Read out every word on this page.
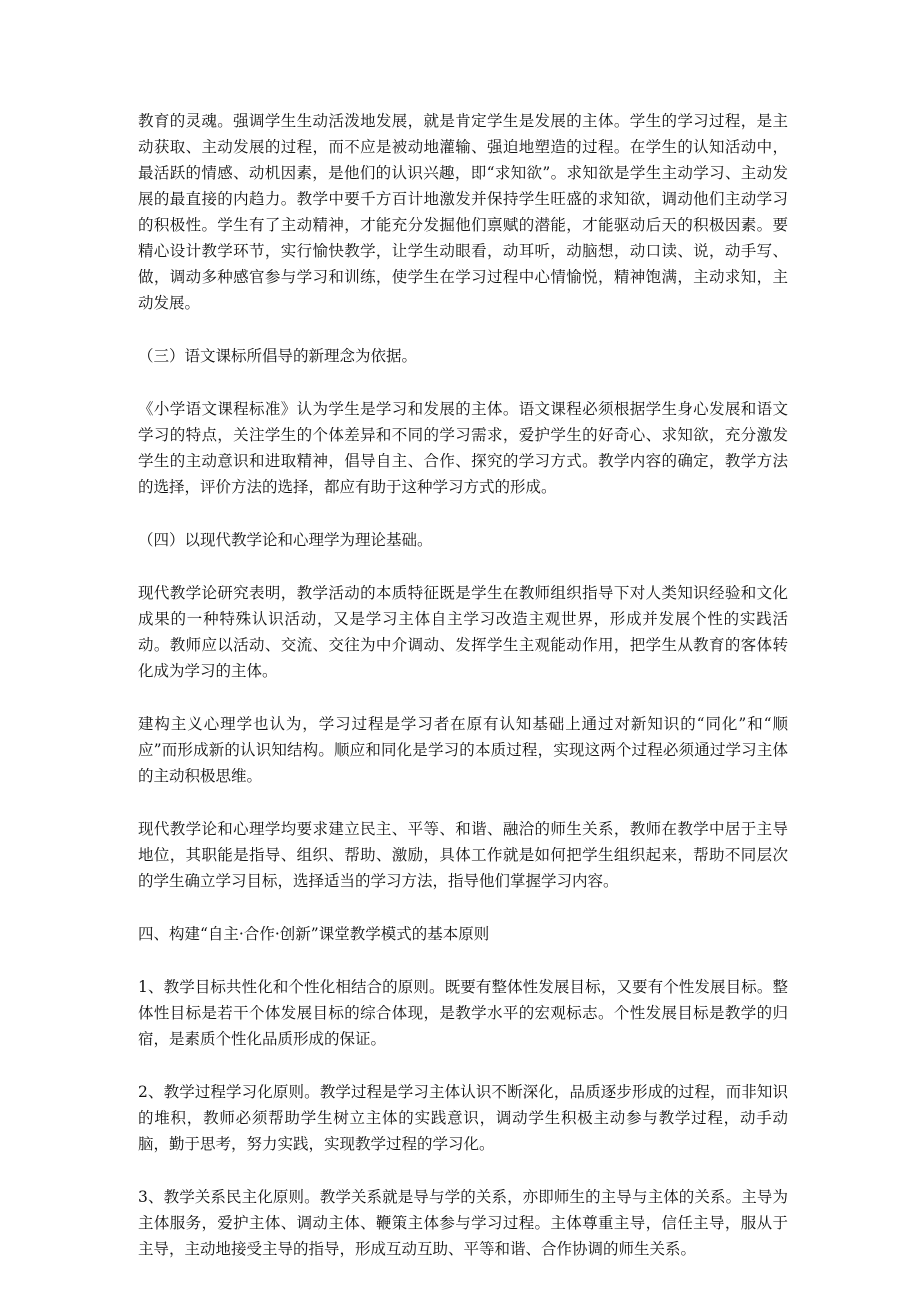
教育的灵魂。强调学生生动活泼地发展，就是肯定学生是发展的主体。学生的学习过程，是主动获取、主动发展的过程，而不应是被动地灌输、强迫地塑造的过程。在学生的认知活动中，最活跃的情感、动机因素，是他们的认识兴趣，即“求知欲”。求知欲是学生主动学习、主动发展的最直接的内趋力。教学中要千方百计地激发并保持学生旺盛的求知欲，调动他们主动学习的积极性。学生有了主动精神，才能充分发掘他们禀赋的潜能，才能驱动后天的积极因素。要精心设计教学环节，实行愉快教学，让学生动眼看，动耳听，动脑想，动口读、说，动手写、做，调动多种感官参与学习和训练，使学生在学习过程中心情愉悦，精神饱满，主动求知，主动发展。

（三）语文课标所倡导的新理念为依据。

《小学语文课程标准》认为学生是学习和发展的主体。语文课程必须根据学生身心发展和语文学习的特点，关注学生的个体差异和不同的学习需求，爱护学生的好奇心、求知欲，充分激发学生的主动意识和进取精神，倡导自主、合作、探究的学习方式。教学内容的确定，教学方法的选择，评价方法的选择，都应有助于这种学习方式的形成。

（四）以现代教学论和心理学为理论基础。

现代教学论研究表明，教学活动的本质特征既是学生在教师组织指导下对人类知识经验和文化成果的一种特殊认识活动，又是学习主体自主学习改造主观世界，形成并发展个性的实践活动。教师应以活动、交流、交往为中介调动、发挥学生主观能动作用，把学生从教育的客体转化成为学习的主体。

建构主义心理学也认为，学习过程是学习者在原有认知基础上通过对新知识的“同化”和“顺应”而形成新的认识知结构。顺应和同化是学习的本质过程，实现这两个过程必须通过学习主体的主动积极思维。

现代教学论和心理学均要求建立民主、平等、和谐、融洽的师生关系，教师在教学中居于主导地位，其职能是指导、组织、帮助、激励，具体工作就是如何把学生组织起来，帮助不同层次的学生确立学习目标，选择适当的学习方法，指导他们掌握学习内容。

四、构建“自主·合作·创新”课堂教学模式的基本原则

1、教学目标共性化和个性化相结合的原则。既要有整体性发展目标，又要有个性发展目标。整体性目标是若干个体发展目标的综合体现，是教学水平的宏观标志。个性发展目标是教学的归宿，是素质个性化品质形成的保证。

2、教学过程学习化原则。教学过程是学习主体认识不断深化，品质逐步形成的过程，而非知识的堆积，教师必须帮助学生树立主体的实践意识，调动学生积极主动参与教学过程，动手动脑，勤于思考，努力实践，实现教学过程的学习化。

3、教学关系民主化原则。教学关系就是导与学的关系，亦即师生的主导与主体的关系。主导为主体服务，爱护主体、调动主体、鞭策主体参与学习过程。主体尊重主导，信任主导，服从于主导，主动地接受主导的指导，形成互动互助、平等和谐、合作协调的师生关系。
